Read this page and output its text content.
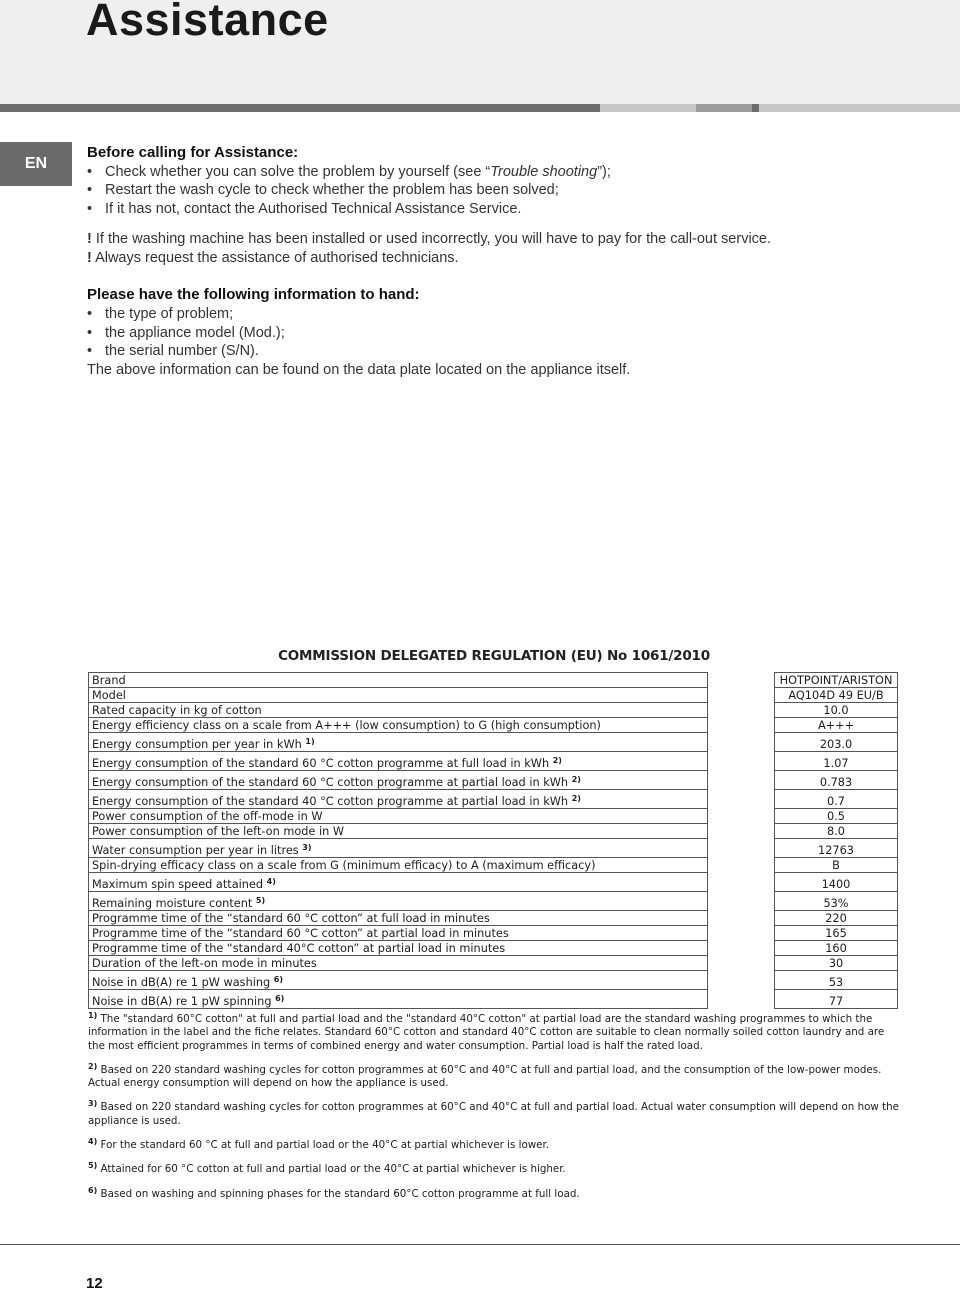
Assistance
EN
Before calling for Assistance:
• Check whether you can solve the problem by yourself (see “Trouble shooting”);
• Restart the wash cycle to check whether the problem has been solved;
• If it has not, contact the Authorised Technical Assistance Service.

! If the washing machine has been installed or used incorrectly, you will have to pay for the call-out service.

! Always request the assistance of authorised technicians.

Please have the following information to hand:
• the type of problem;
• the appliance model (Mod.);
• the serial number (S/N).

The above information can be found on the data plate located on the appliance itself.

COMMISSION DELEGATED REGULATION (EU) No 1061/2010
Brand		HOTPOINT/ARISTON
Model		AQ104D 49 EU/B
Rated capacity in kg of cotton		10.0
Energy efficiency class on a scale from A+++ (low consumption) to G (high consumption)		A+++
Energy consumption per year in kWh $^{1)}$		203.0
Energy consumption of the standard 60 °C cotton programme at full load in kWh $^{2)}$		1.07
Energy consumption of the standard 60 °C cotton programme at partial load in kWh $^{2)}$		0.783
Energy consumption of the standard 40 °C cotton programme at partial load in kWh $^{2)}$		0.7
Power consumption of the off-mode in W		0.5
Power consumption of the left-on mode in W		8.0
Water consumption per year in litres $^{3)}$		12763
Spin-drying efficacy class on a scale from G (minimum efficacy) to A (maximum efficacy)		B
Maximum spin speed attained $^{4)}$		1400
Remaining moisture content $^{5)}$		53%
Programme time of the “standard 60 °C cotton” at full load in minutes		220
Programme time of the “standard 60 °C cotton” at partial load in minutes		165
Programme time of the “standard 40°C cotton” at partial load in minutes		160
Duration of the left-on mode in minutes		30
Noise in dB(A) re 1 pW washing $^{6)}$		53
Noise in dB(A) re 1 pW spinning $^{6)}$		77

$^{1)}$ The "standard 60°C cotton" at full and partial load and the "standard 40°C cotton" at partial load are the standard washing programmes to which the information in the label and the fiche relates. Standard 60°C cotton and standard 40°C cotton are suitable to clean normally soiled cotton laundry and are the most efficient programmes in terms of combined energy and water consumption. Partial load is half the rated load.

$^{2)}$ Based on 220 standard washing cycles for cotton programmes at 60°C and 40°C at full and partial load, and the consumption of the low-power modes. Actual energy consumption will depend on how the appliance is used.

$^{3)}$ Based on 220 standard washing cycles for cotton programmes at 60°C and 40°C at full and partial load. Actual water consumption will depend on how the appliance is used.

$^{4)}$ For the standard 60 °C at full and partial load or the 40°C at partial whichever is lower.

$^{5)}$ Attained for 60 °C cotton at full and partial load or the 40°C at partial whichever is higher.

$^{6)}$ Based on washing and spinning phases for the standard 60°C cotton programme at full load.

12
